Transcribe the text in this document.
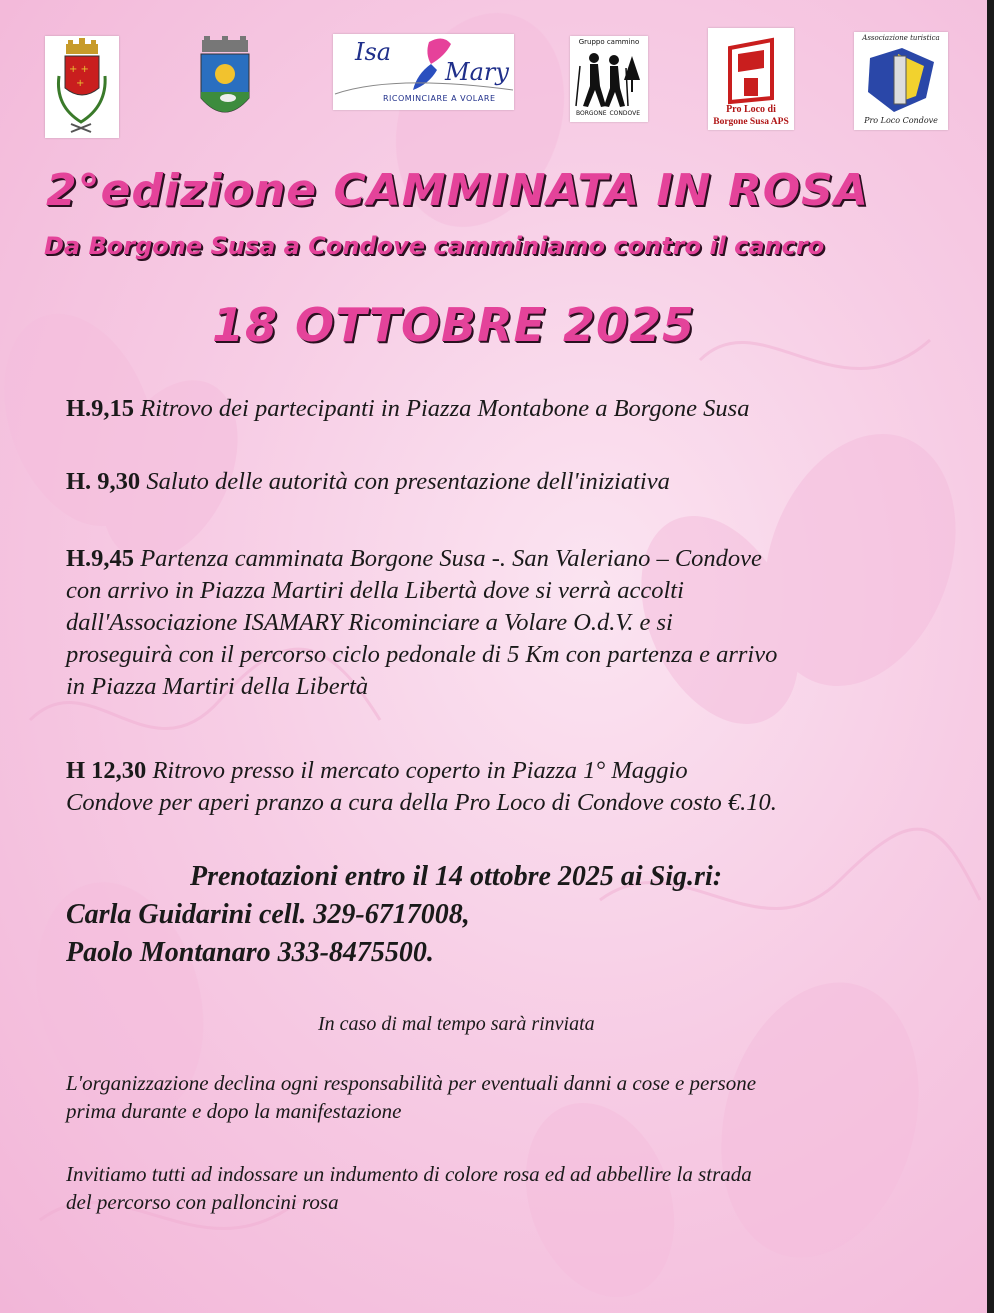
+ +
+
Isa
Mary
RICOMINCIARE A VOLARE
Gruppo cammino
BORGONE CONDOVE	Pro Loco di
Borgone Susa APS
Associazione turistica
Pro Loco Condove
2°edizione CAMMINATA IN ROSA
Da Borgone Susa a Condove camminiamo contro il cancro
18 OTTOBRE 2025
H.9,15 Ritrovo dei partecipanti in Piazza Montabone a Borgone Susa
H. 9,30 Saluto delle autorità con presentazione dell'iniziativa
H.9,45 Partenza camminata Borgone Susa -. San Valeriano – Condove
con arrivo in Piazza Martiri della Libertà dove si verrà accolti
dall'Associazione ISAMARY Ricominciare a Volare O.d.V. e si
proseguirà con il percorso ciclo pedonale di 5 Km con partenza e arrivo
in Piazza Martiri della Libertà
H 12,30 Ritrovo presso il mercato coperto in Piazza 1° Maggio
Condove per aperi pranzo a cura della Pro Loco di Condove costo €.10.
Prenotazioni entro il 14 ottobre 2025 ai Sig.ri:
Carla Guidarini cell. 329-6717008,
Paolo Montanaro 333-8475500.
In caso di mal tempo sarà rinviata
L'organizzazione declina ogni responsabilità per eventuali danni a cose e persone
prima durante e dopo la manifestazione
Invitiamo tutti ad indossare un indumento di colore rosa ed ad abbellire la strada
del percorso con palloncini rosa
